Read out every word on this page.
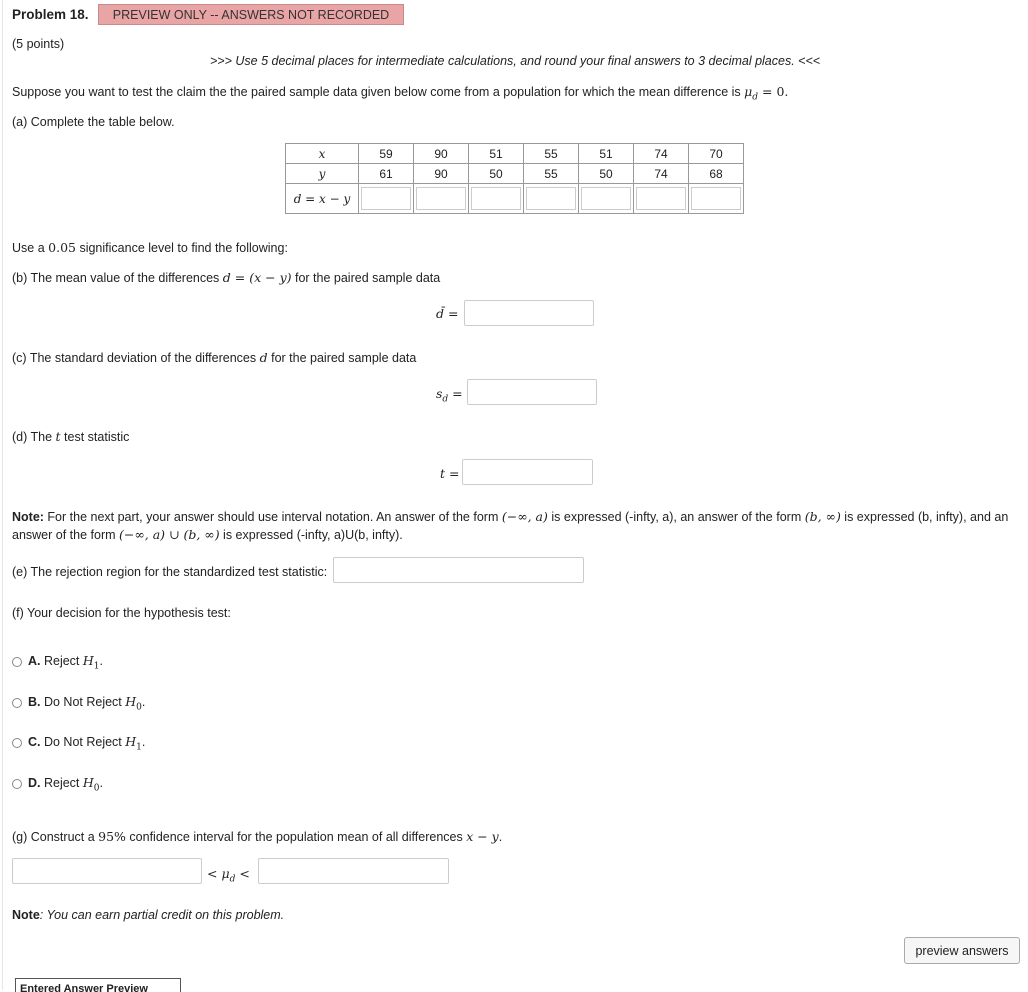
Problem 18.	PREVIEW ONLY -- ANSWERS NOT RECORDED
(5 points)
>>> Use 5 decimal places for intermediate calculations, and round your final answers to 3 decimal places. <<<
Suppose you want to test the claim the the paired sample data given below come from a population for which the mean difference is $\mu_d = 0$.
(a) Complete the table below.
x	59	90	51	55	51	74	70
y	61	90	50	55	50	74	68
d = x − y	

Use a 0.05 significance level to find the following:
(b) The mean value of the differences d = (x − y) for the paired sample data
d̄ =
(c) The standard deviation of the differences d for the paired sample data
$s_d$ =
(d) The t test statistic
t =
Note: For the next part, your answer should use interval notation. An answer of the form (−∞, a) is expressed (-infty, a), an answer of the form (b, ∞) is expressed (b, infty), and an answer of the form (−∞, a) ∪ (b, ∞) is expressed (-infty, a)U(b, infty).
(e) The rejection region for the standardized test statistic:
(f) Your decision for the hypothesis test:
A. Reject $H_1$.
B. Do Not Reject $H_0$.
C. Do Not Reject $H_1$.
D. Reject $H_0$.
(g) Construct a 95% confidence interval for the population mean of all differences x − y.
< $\mu_d$ <
Note: You can earn partial credit on this problem.
preview answers
Entered Answer Preview
